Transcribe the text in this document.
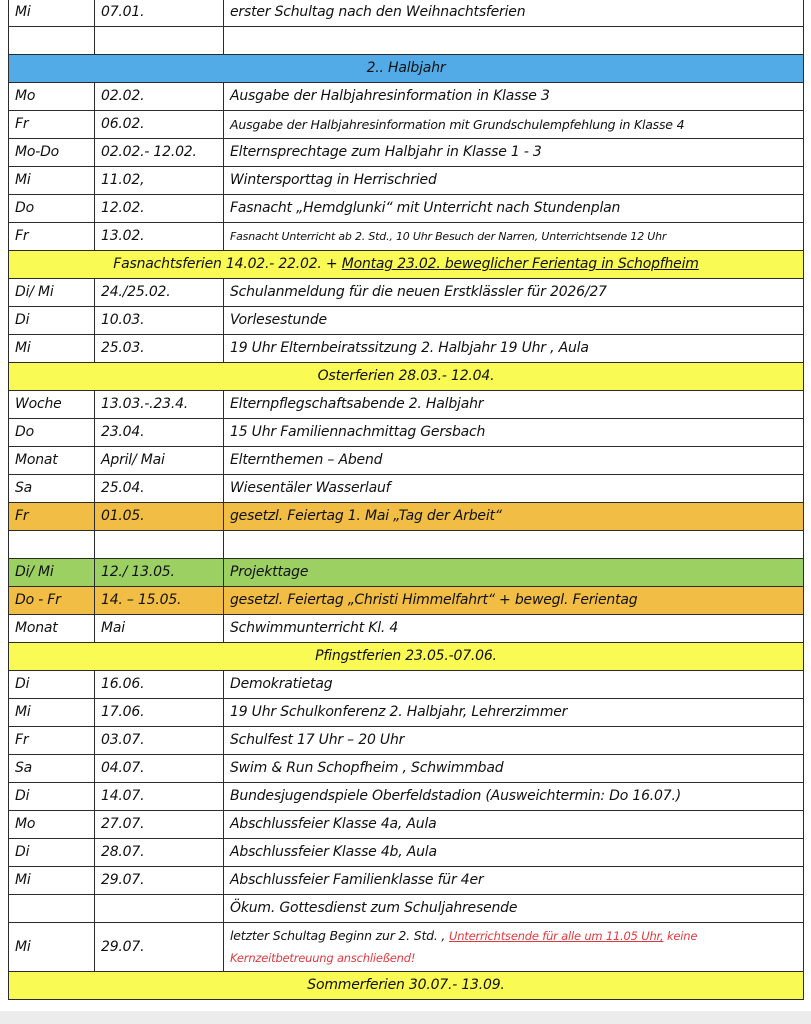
Mi	07.01.	erster Schultag nach den Weihnachtsferien

2.. Halbjahr		
Mo	02.02.	Ausgabe der Halbjahresinformation in Klasse 3
Fr	06.02.	Ausgabe der Halbjahresinformation mit Grundschulempfehlung in Klasse 4
Mo-Do	02.02.- 12.02.	Elternsprechtage zum Halbjahr in Klasse 1 - 3
Mi	11.02,	Wintersporttag in Herrischried
Do	12.02.	Fasnacht „Hemdglunki“ mit Unterricht nach Stundenplan
Fr	13.02.	Fasnacht Unterricht ab 2. Std., 10 Uhr Besuch der Narren, Unterrichtsende 12 Uhr
Fasnachtsferien 14.02.- 22.02. + Montag 23.02. beweglicher Ferientag in Schopfheim		
Di/ Mi	24./25.02.	Schulanmeldung für die neuen Erstklässler für 2026/27
Di	10.03.	Vorlesestunde
Mi	25.03.	19 Uhr Elternbeiratssitzung 2. Halbjahr 19 Uhr , Aula
Osterferien 28.03.- 12.04.		
Woche	13.03.-.23.4.	Elternpflegschaftsabende 2. Halbjahr
Do	23.04.	15 Uhr Familiennachmittag Gersbach
Monat	April/ Mai	Elternthemen – Abend
Sa	25.04.	Wiesentäler Wasserlauf
Fr	01.05.	gesetzl. Feiertag 1. Mai „Tag der Arbeit“

Di/ Mi	12./ 13.05.	Projekttage
Do - Fr	14. – 15.05.	gesetzl. Feiertag „Christi Himmelfahrt“ + bewegl. Ferientag
Monat	Mai	Schwimmunterricht Kl. 4
Pfingstferien 23.05.-07.06.		
Di	16.06.	Demokratietag
Mi	17.06.	19 Uhr Schulkonferenz 2. Halbjahr, Lehrerzimmer
Fr	03.07.	Schulfest 17 Uhr – 20 Uhr
Sa	04.07.	Swim & Run Schopfheim , Schwimmbad
Di	14.07.	Bundesjugendspiele Oberfeldstadion (Ausweichtermin: Do 16.07.)
Mo	27.07.	Abschlussfeier Klasse 4a, Aula
Di	28.07.	Abschlussfeier Klasse 4b, Aula
Mi	29.07.	Abschlussfeier Familienklasse für 4er
		Ökum. Gottesdienst zum Schuljahresende
Mi	29.07.	letzter Schultag Beginn zur 2. Std. , Unterrichtsende für alle um 11.05 Uhr, keine Kernzeitbetreuung anschließend!
Sommerferien 30.07.- 13.09.		
